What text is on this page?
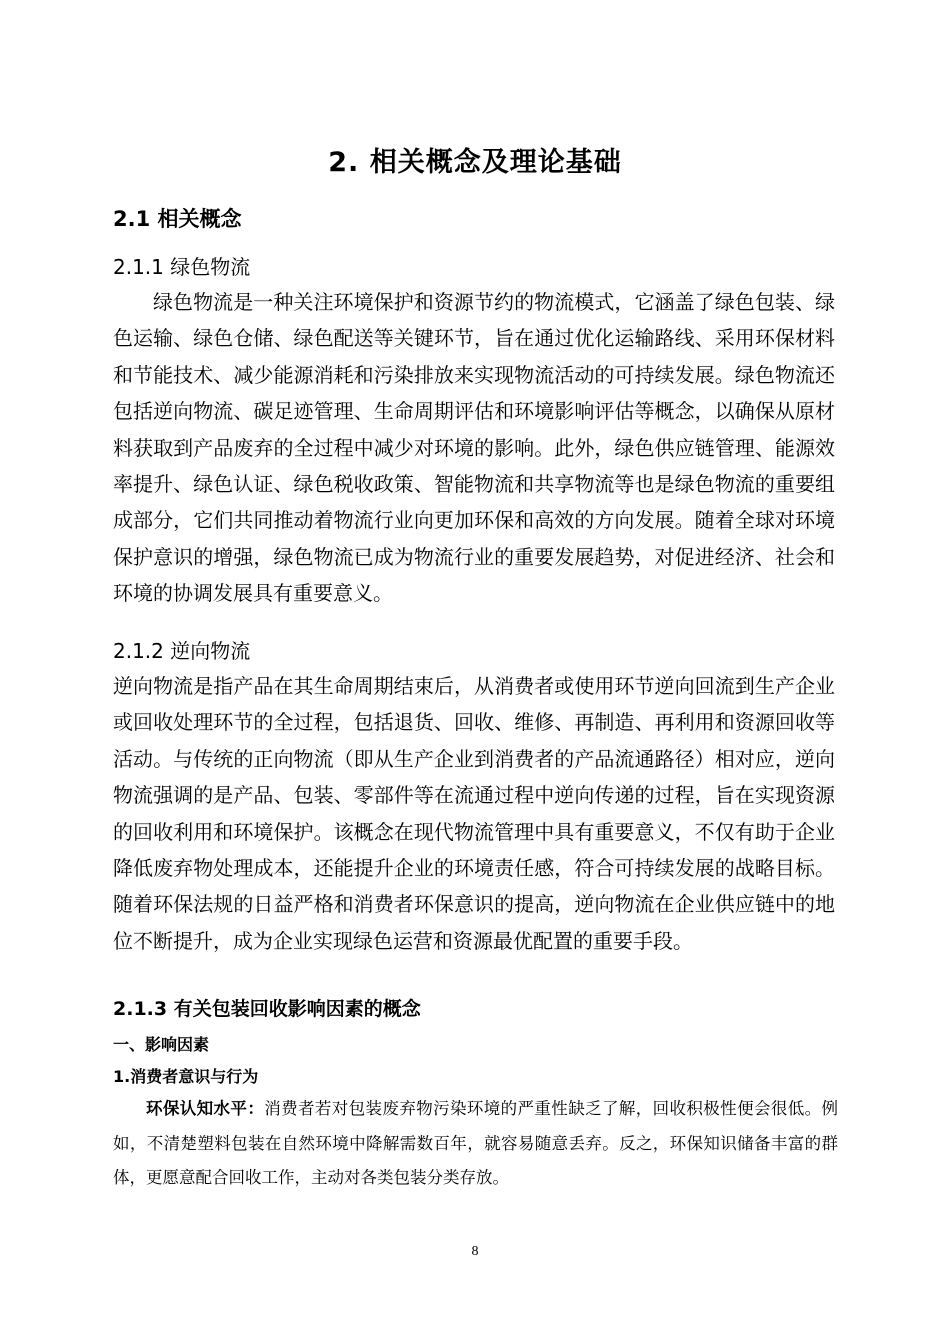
2. 相关概念及理论基础
2.1 相关概念
2.1.1 绿色物流

绿色物流是一种关注环境保护和资源节约的物流模式，它涵盖了绿色包装、绿色运输、绿色仓储、绿色配送等关键环节，旨在通过优化运输路线、采用环保材料和节能技术、减少能源消耗和污染排放来实现物流活动的可持续发展。绿色物流还包括逆向物流、碳足迹管理、生命周期评估和环境影响评估等概念，以确保从原材料获取到产品废弃的全过程中减少对环境的影响。此外，绿色供应链管理、能源效率提升、绿色认证、绿色税收政策、智能物流和共享物流等也是绿色物流的重要组成部分，它们共同推动着物流行业向更加环保和高效的方向发展。随着全球对环境保护意识的增强，绿色物流已成为物流行业的重要发展趋势，对促进经济、社会和环境的协调发展具有重要意义。

2.1.2 逆向物流

逆向物流是指产品在其生命周期结束后，从消费者或使用环节逆向回流到生产企业或回收处理环节的全过程，包括退货、回收、维修、再制造、再利用和资源回收等活动。与传统的正向物流（即从生产企业到消费者的产品流通路径）相对应，逆向物流强调的是产品、包装、零部件等在流通过程中逆向传递的过程，旨在实现资源的回收利用和环境保护。该概念在现代物流管理中具有重要意义，不仅有助于企业降低废弃物处理成本，还能提升企业的环境责任感，符合可持续发展的战略目标。随着环保法规的日益严格和消费者环保意识的提高，逆向物流在企业供应链中的地位不断提升，成为企业实现绿色运营和资源最优配置的重要手段。

2.1.3 有关包装回收影响因素的概念
一、影响因素
1.消费者意识与行为

环保认知水平：消费者若对包装废弃物污染环境的严重性缺乏了解，回收积极性便会很低。例如，不清楚塑料包装在自然环境中降解需数百年，就容易随意丢弃。反之，环保知识储备丰富的群体，更愿意配合回收工作，主动对各类包装分类存放。

8
